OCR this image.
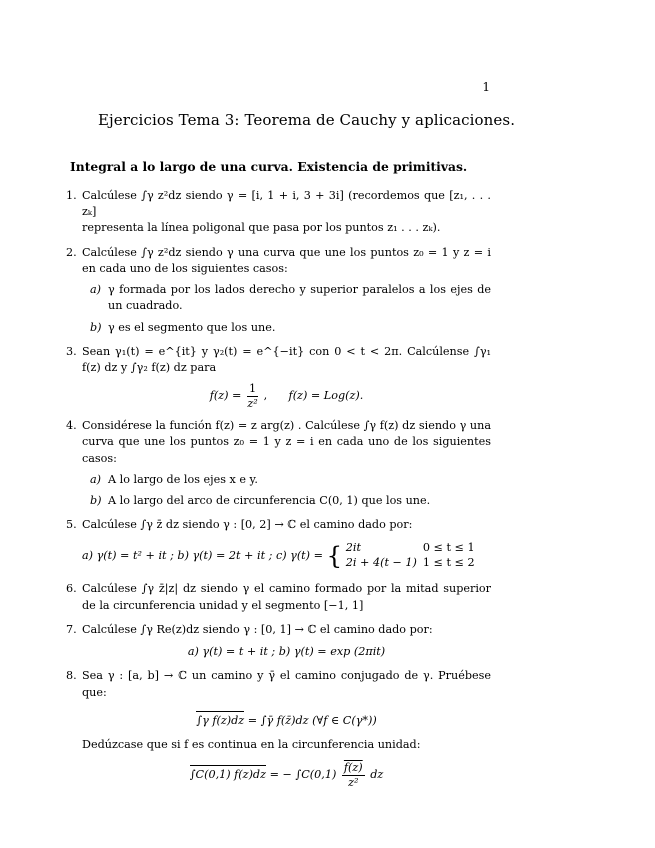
1
Ejercicios Tema 3: Teorema de Cauchy y aplicaciones.
Integral a lo largo de una curva. Existencia de primitivas.
1. Calcúlese ∫γ z²dz siendo γ = [i, 1 + i, 3 + 3i] (recordemos que [z₁, . . . zₖ]
representa la línea poligonal que pasa por los puntos z₁ . . . zₖ).
2. Calcúlese ∫γ z²dz siendo γ una curva que une los puntos z₀ = 1 y z = i en cada uno de los siguientes casos:
a) γ formada por los lados derecho y superior paralelos a los ejes de un cuadrado.
b) γ es el segmento que los une.
3. Sean γ₁(t) = e^{it} y γ₂(t) = e^{−it} con 0 < t < 2π. Calcúlense ∫γ₁ f(z) dz y ∫γ₂ f(z) dz para
$f(z) = \frac{1}{\text{z²}}$ , f(z) = Log(z).
4. Considérese la función f(z) = z arg(z) . Calcúlese ∫γ f(z) dz siendo γ una curva que une los puntos z₀ = 1 y z = i en cada uno de los siguientes casos:
a) A lo largo de los ejes x e y.
b) A lo largo del arco de circunferencia C(0, 1) que los une.
5. Calcúlese ∫γ z̄ dz siendo γ : [0, 2] → ℂ el camino dado por:
a) γ(t) = t² + it ; b) γ(t) = 2t + it ; c) γ(t) = { 2it	0 ≤ t ≤ 1
2i + 4(t − 1)	1 ≤ t ≤ 2
6. Calcúlese ∫γ z̄|z| dz siendo γ el camino formado por la mitad superior de la circunferencia unidad y el segmento [−1, 1]
7. Calcúlese ∫γ Re(z)dz siendo γ : [0, 1] → ℂ el camino dado por:
a) γ(t) = t + it ; b) γ(t) = exp (2πit)
8. Sea γ : [a, b] → ℂ un camino y γ̄ el camino conjugado de γ. Pruébese que:
∫γ f(z)dz = ∫γ̄ f(z̄)dz (∀f ∈ C(γ*))
Dedúzcase que si f es continua en la circunferencia unidad:
∫C(0,1) f(z)dz = − $\int C(0,1) \frac{f(z)}{\text{z²}}$ dz
